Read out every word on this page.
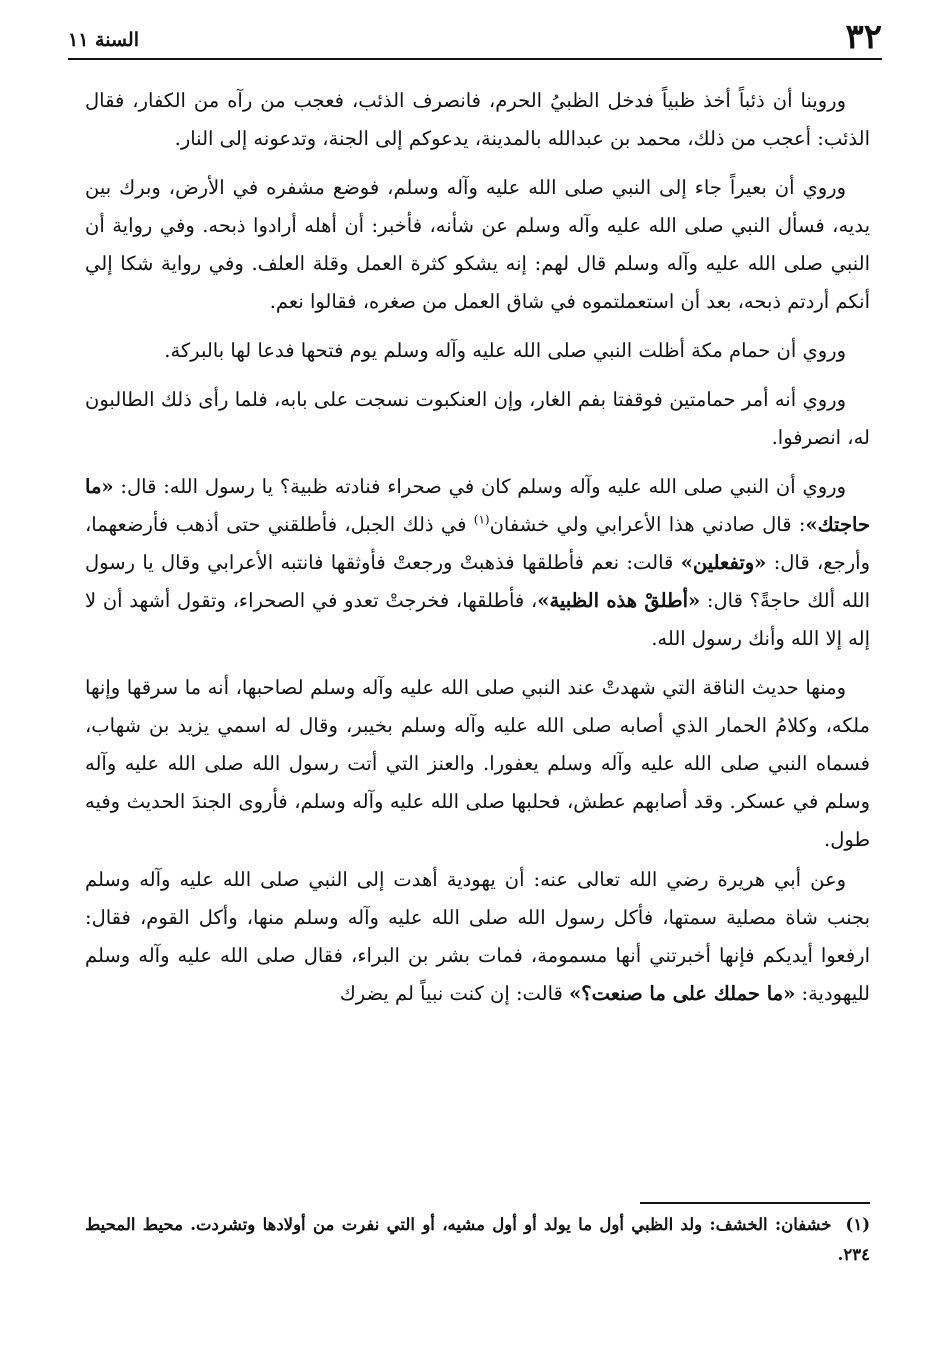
٣٢
السنة ١١

وروينا أن ذئباً أخذ ظبياً فدخل الظبيُ الحرم، فانصرف الذئب، فعجب من رآه من الكفار، فقال الذئب: أعجب من ذلك، محمد بن عبدالله بالمدينة، يدعوكم إلى الجنة، وتدعونه إلى النار.

وروي أن بعيراً جاء إلى النبي صلى الله عليه وآله وسلم، فوضع مشفره في الأرض، وبرك بين يديه، فسأل النبي صلى الله عليه وآله وسلم عن شأنه، فأخبر: أن أهله أرادوا ذبحه. وفي رواية أن النبي صلى الله عليه وآله وسلم قال لهم: إنه يشكو كثرة العمل وقلة العلف. وفي رواية شكا إلي أنكم أردتم ذبحه، بعد أن استعملتموه في شاق العمل من صغره، فقالوا نعم.

وروي أن حمام مكة أظلت النبي صلى الله عليه وآله وسلم يوم فتحها فدعا لها بالبركة.

وروي أنه أمر حمامتين فوقفتا بفم الغار، وإن العنكبوت نسجت على بابه، فلما رأى ذلك الطالبون له، انصرفوا.

وروي أن النبي صلى الله عليه وآله وسلم كان في صحراء فنادته ظبية؟ يا رسول الله: قال: «ما حاجتك»: قال صادني هذا الأعرابي ولي خشفان$^{(١)}$ في ذلك الجبل، فأطلقني حتى أذهب فأرضعهما، وأرجع، قال: «وتفعلين» قالت: نعم فأطلقها فذهبتْ ورجعتْ فأوثقها فانتبه الأعرابي وقال يا رسول الله ألك حاجةً؟ قال: «أطلقْ هذه الظبية»، فأطلقها، فخرجتْ تعدو في الصحراء، وتقول أشهد أن لا إله إلا الله وأنك رسول الله.

ومنها حديث الناقة التي شهدتْ عند النبي صلى الله عليه وآله وسلم لصاحبها، أنه ما سرقها وإنها ملكه، وكلامُ الحمار الذي أصابه صلى الله عليه وآله وسلم بخيبر، وقال له اسمي يزيد بن شهاب، فسماه النبي صلى الله عليه وآله وسلم يعفورا. والعنز التي أتت رسول الله صلى الله عليه وآله وسلم في عسكر. وقد أصابهم عطش، فحلبها صلى الله عليه وآله وسلم، فأروى الجندَ الحديث وفيه طول.

وعن أبي هريرة رضي الله تعالى عنه: أن يهودية أهدت إلى النبي صلى الله عليه وآله وسلم بجنب شاة مصلية سمتها، فأكل رسول الله صلى الله عليه وآله وسلم منها، وأكل القوم، فقال: ارفعوا أيديكم فإنها أخبرتني أنها مسمومة، فمات بشر بن البراء، فقال صلى الله عليه وآله وسلم لليهودية: «ما حملك على ما صنعت؟» قالت: إن كنت نبياً لم يضرك

(١)خشفان: الخشف: ولد الظبي أول ما يولد أو أول مشيه، أو التي نفرت من أولادها وتشردت. محيط المحيط ٢٣٤.
